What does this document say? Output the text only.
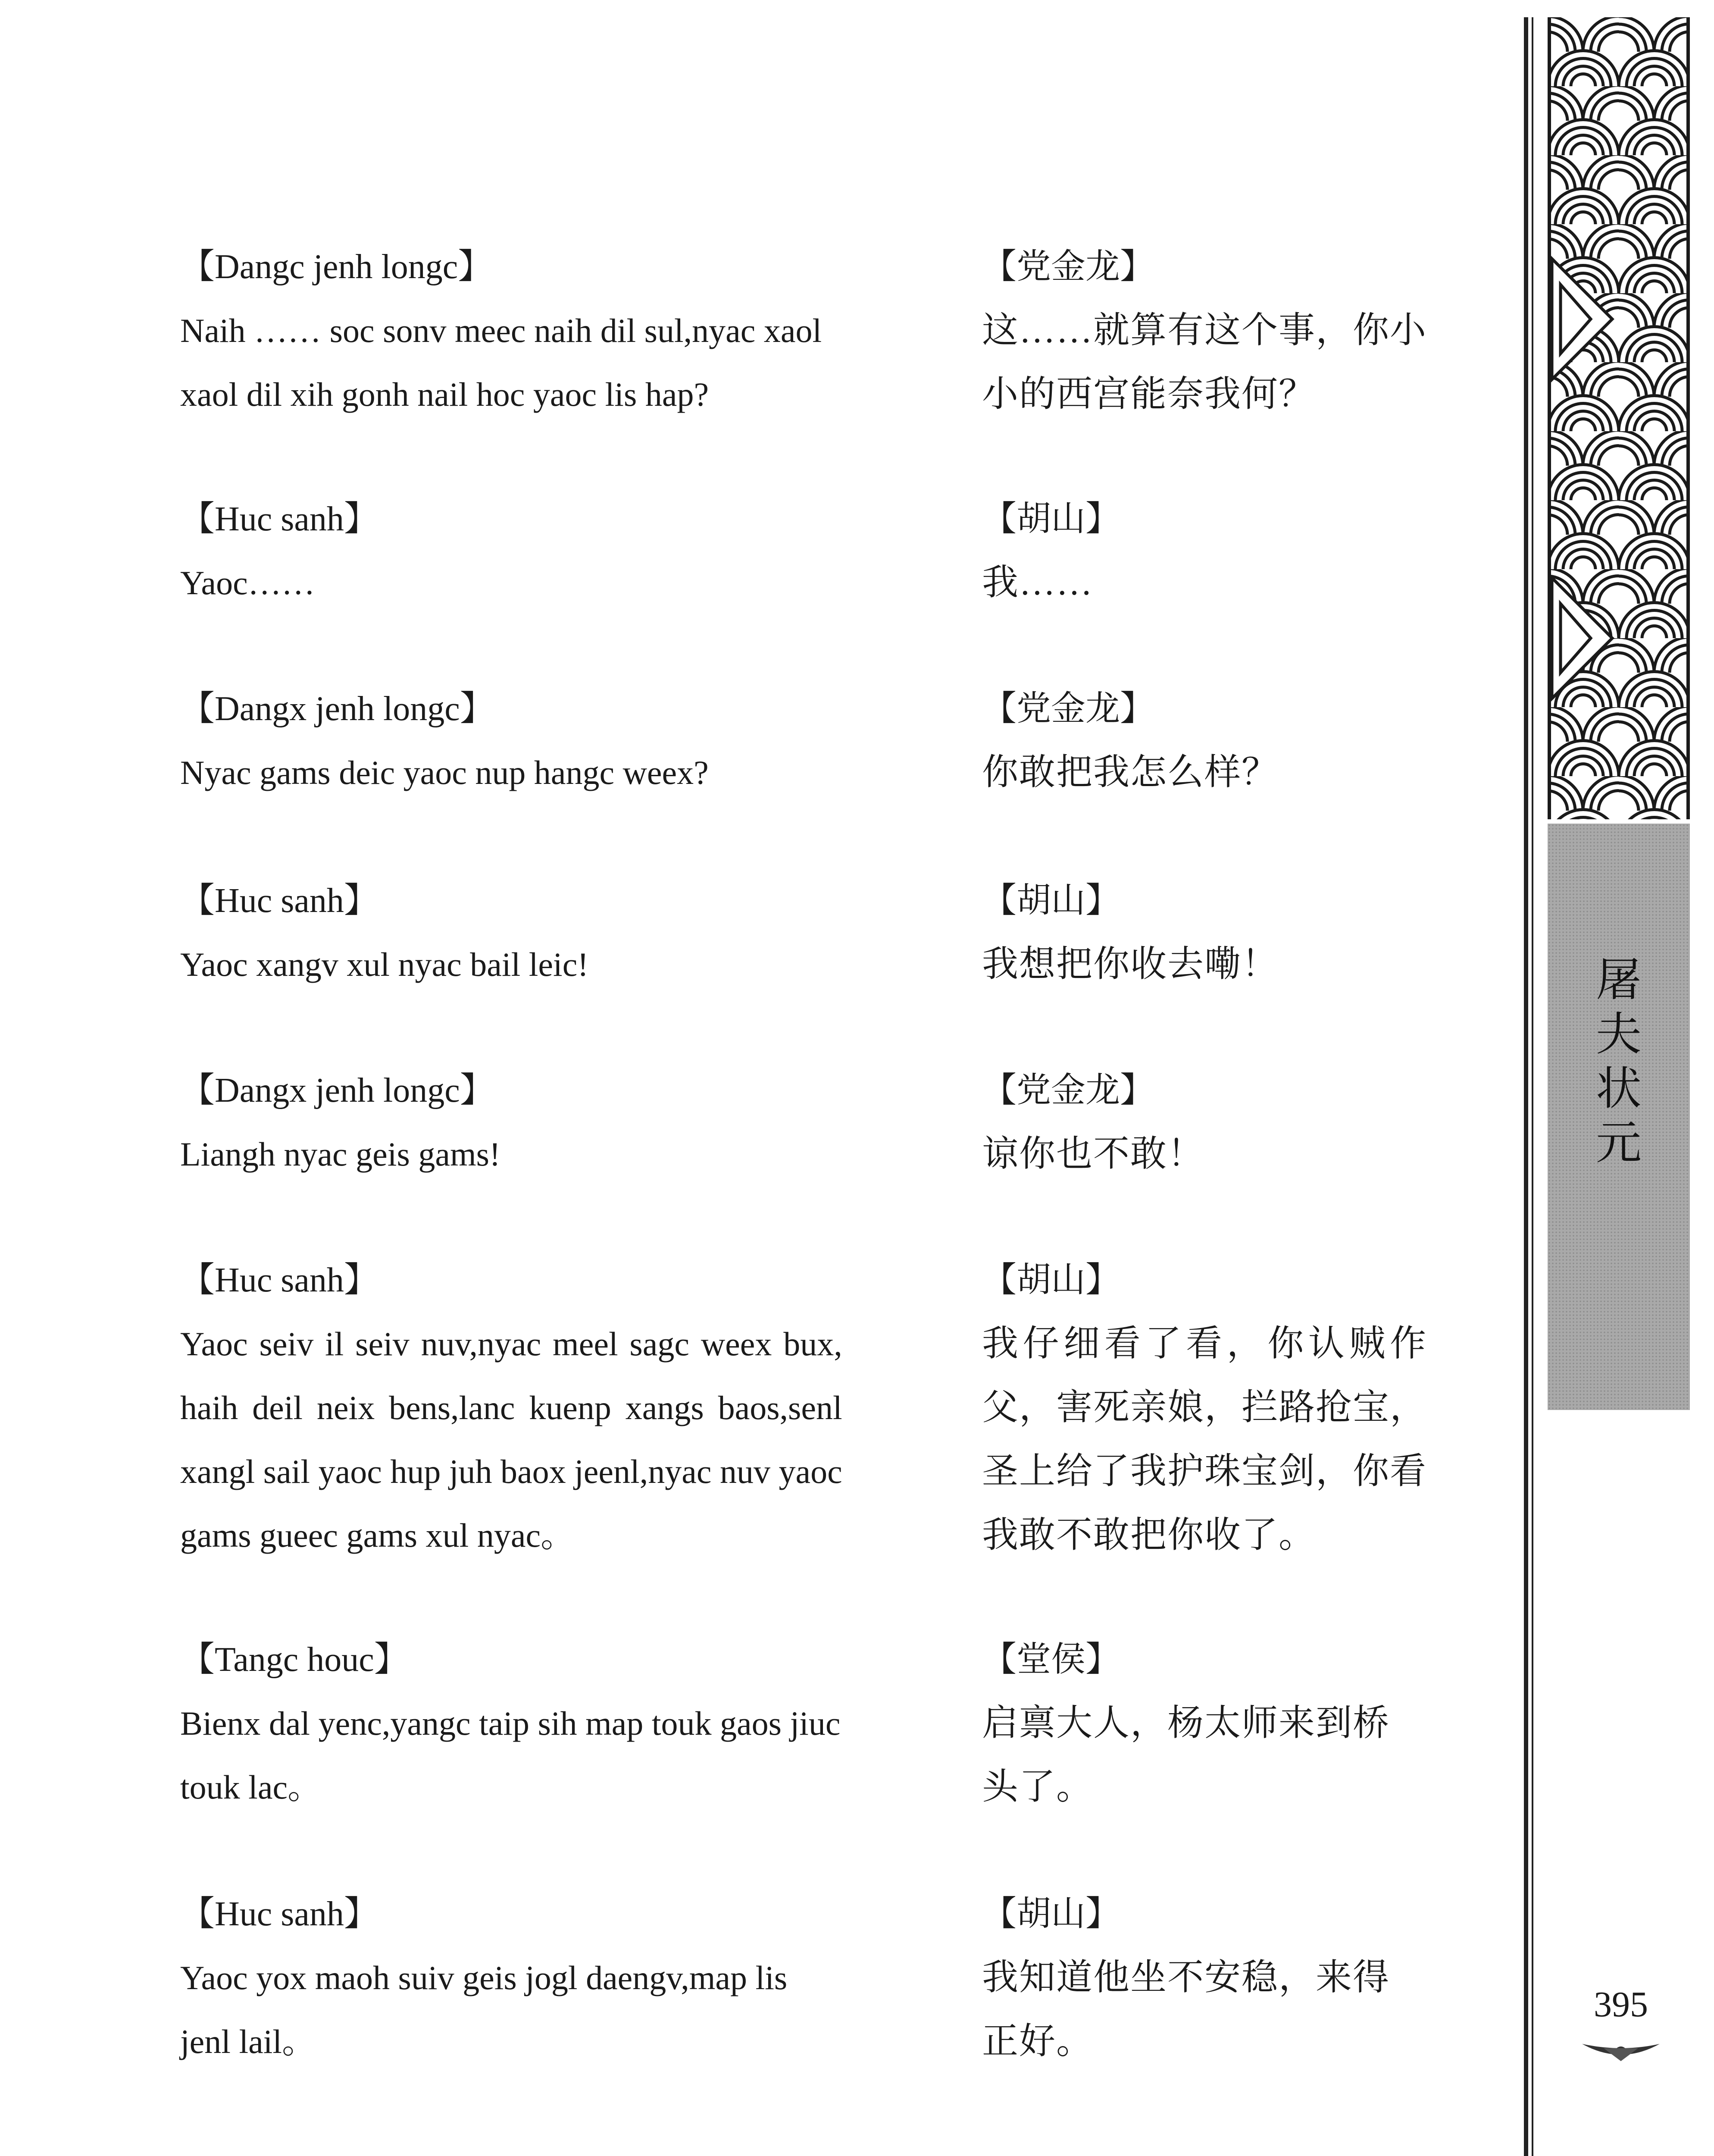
【Dangc jenh longc】
Naih …… soc sonv meec naih dil sul,nyac xaol
xaol dil xih gonh nail hoc yaoc lis hap?
【Huc sanh】
Yaoc……
【Dangx jenh longc】
Nyac gams deic yaoc nup hangc weex?
【Huc sanh】
Yaoc xangv xul nyac bail leic!
【Dangx jenh longc】
Liangh nyac geis gams!
【Huc sanh】
Yaoc seiv il seiv nuv,nyac meel sagc weex bux,
haih deil neix bens,lanc kuenp xangs baos,senl
xangl sail yaoc hup juh baox jeenl,nyac nuv yaoc
gams gueec gams xul nyac。
【Tangc houc】
Bienx dal yenc,yangc taip sih map touk gaos jiuc
touk lac。
【Huc sanh】
Yaoc yox maoh suiv geis jogl daengv,map lis
jenl lail。
【党金龙】
这……就算有这个事，你小
小的西宫能奈我何？
【胡山】
我……
【党金龙】
你敢把我怎么样？
【胡山】
我想把你收去嘞！
【党金龙】
谅你也不敢！
【胡山】
我仔细看了看，你认贼作
父，害死亲娘，拦路抢宝，
圣上给了我护珠宝剑，你看
我敢不敢把你收了。
【堂侯】
启禀大人，杨太师来到桥
头了。
【胡山】
我知道他坐不安稳，来得
正好。
屠
夫
状
元
395
